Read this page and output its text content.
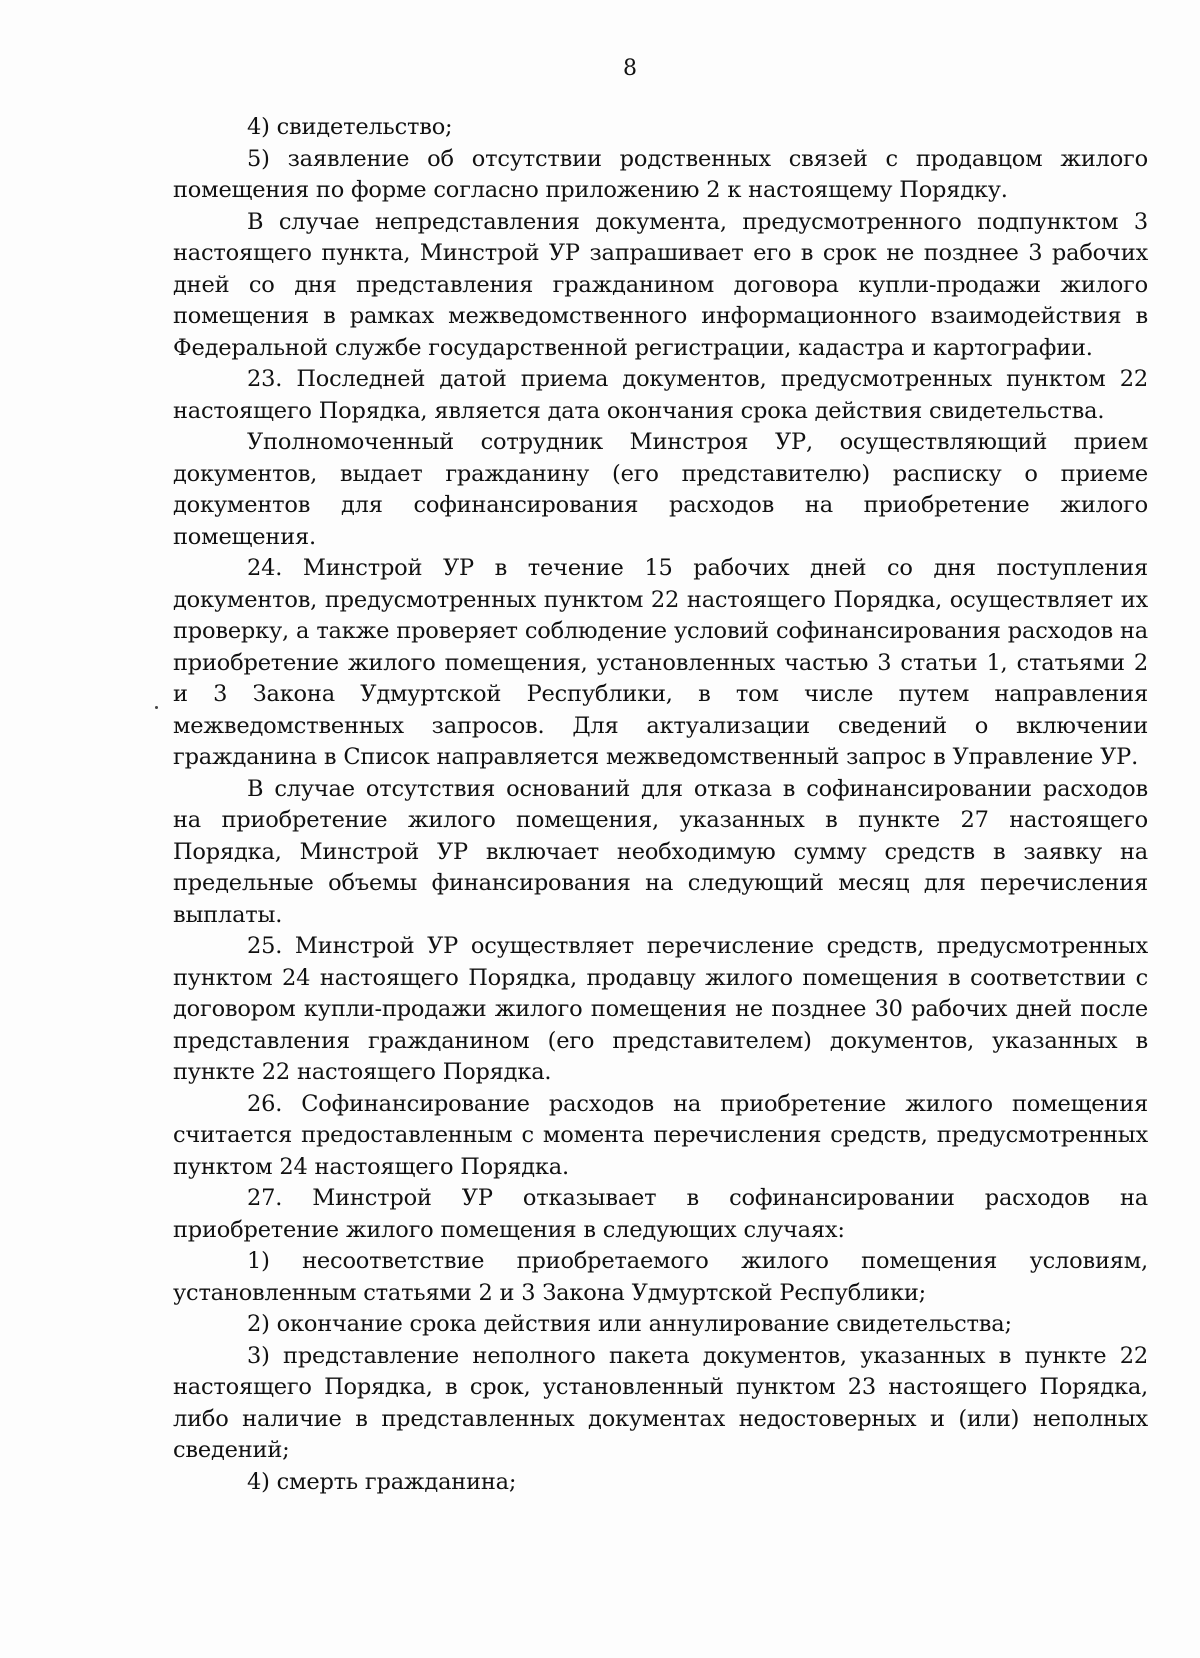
8

4) свидетельство;

5) заявление об отсутствии родственных связей с продавцом жилого помещения по форме согласно приложению 2 к настоящему Порядку.

В случае непредставления документа, предусмотренного подпунктом 3 настоящего пункта, Минстрой УР запрашивает его в срок не позднее 3 рабочих дней со дня представления гражданином договора купли-продажи жилого помещения в рамках межведомственного информационного взаимодействия в Федеральной службе государственной регистрации, кадастра и картографии.

23. Последней датой приема документов, предусмотренных пунктом 22 настоящего Порядка, является дата окончания срока действия свидетельства.

Уполномоченный сотрудник Минстроя УР, осуществляющий прием документов, выдает гражданину (его представителю) расписку о приеме документов для софинансирования расходов на приобретение жилого помещения.

24. Минстрой УР в течение 15 рабочих дней со дня поступления документов, предусмотренных пунктом 22 настоящего Порядка, осуществляет их проверку, а также проверяет соблюдение условий софинансирования расходов на приобретение жилого помещения, установленных частью 3 статьи 1, статьями 2 и 3 Закона Удмуртской Республики, в том числе путем направления межведомственных запросов. Для актуализации сведений о включении гражданина в Список направляется межведомственный запрос в Управление УР.

В случае отсутствия оснований для отказа в софинансировании расходов на приобретение жилого помещения, указанных в пункте 27 настоящего Порядка, Минстрой УР включает необходимую сумму средств в заявку на предельные объемы финансирования на следующий месяц для перечисления выплаты.

25. Минстрой УР осуществляет перечисление средств, предусмотренных пунктом 24 настоящего Порядка, продавцу жилого помещения в соответствии с договором купли-продажи жилого помещения не позднее 30 рабочих дней после представления гражданином (его представителем) документов, указанных в пункте 22 настоящего Порядка.

26. Софинансирование расходов на приобретение жилого помещения считается предоставленным с момента перечисления средств, предусмотренных пунктом 24 настоящего Порядка.

27. Минстрой УР отказывает в софинансировании расходов на приобретение жилого помещения в следующих случаях:

1) несоответствие приобретаемого жилого помещения условиям, установленным статьями 2 и 3 Закона Удмуртской Республики;

2) окончание срока действия или аннулирование свидетельства;

3) представление неполного пакета документов, указанных в пункте 22 настоящего Порядка, в срок, установленный пунктом 23 настоящего Порядка, либо наличие в представленных документах недостоверных и (или) неполных сведений;

4) смерть гражданина;
